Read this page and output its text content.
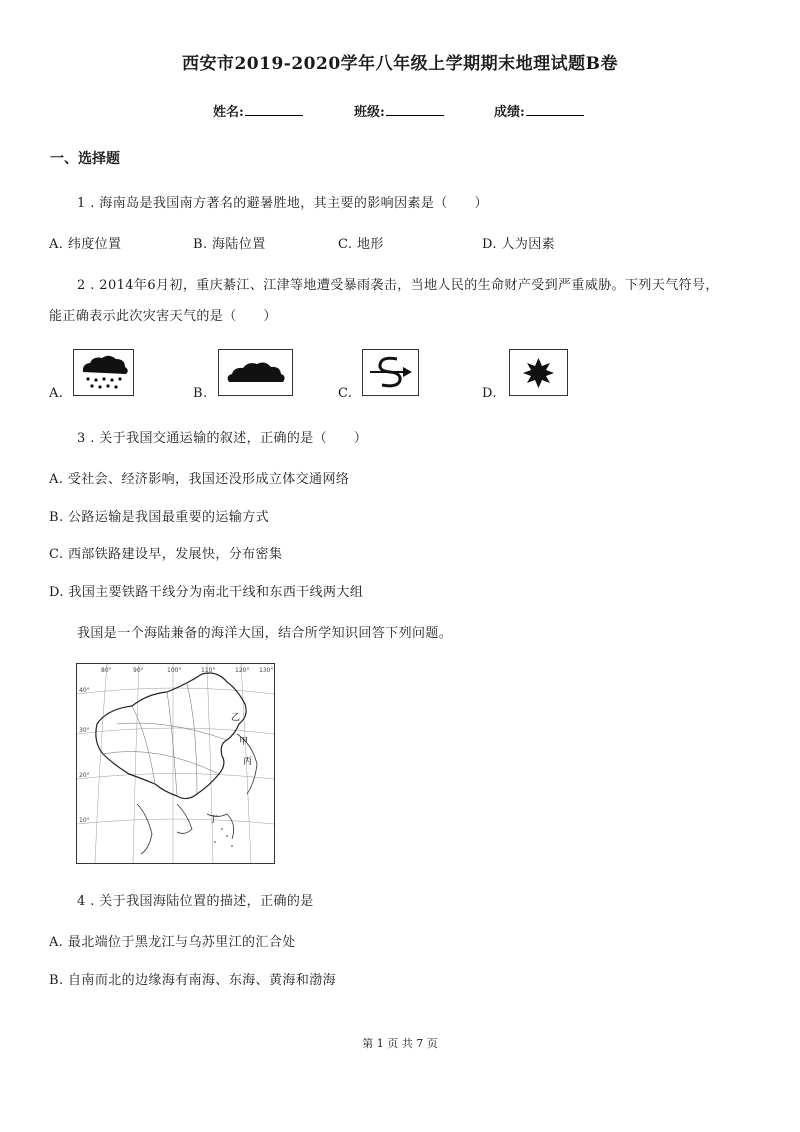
西安市2019-2020学年八年级上学期期末地理试题B卷
姓名:	班级:	成绩:
一、选择题
1 . 海南岛是我国南方著名的避暑胜地，其主要的影响因素是（　　）
A. 纬度位置	B. 海陆位置	C. 地形	D. 人为因素
2 . 2014年6月初，重庆綦江、江津等地遭受暴雨袭击，当地人民的生命财产受到严重威胁。下列天气符号，
能正确表示此次灾害天气的是（　　）
A.	B.	C.	D.
3 . 关于我国交通运输的叙述，正确的是（　　）
A. 受社会、经济影响，我国还没形成立体交通网络
B. 公路运输是我国最重要的运输方式
C. 西部铁路建设早，发展快，分布密集
D. 我国主要铁路干线分为南北干线和东西干线两大组
我国是一个海陆兼备的海洋大国，结合所学知识回答下列问题。
甲
乙
丙
丁
80°	90°	100°	110°	120° 130°
40°
30°
20°
10°
4 . 关于我国海陆位置的描述，正确的是
A. 最北端位于黑龙江与乌苏里江的汇合处
B. 自南而北的边缘海有南海、东海、黄海和渤海
第 1 页 共 7 页
